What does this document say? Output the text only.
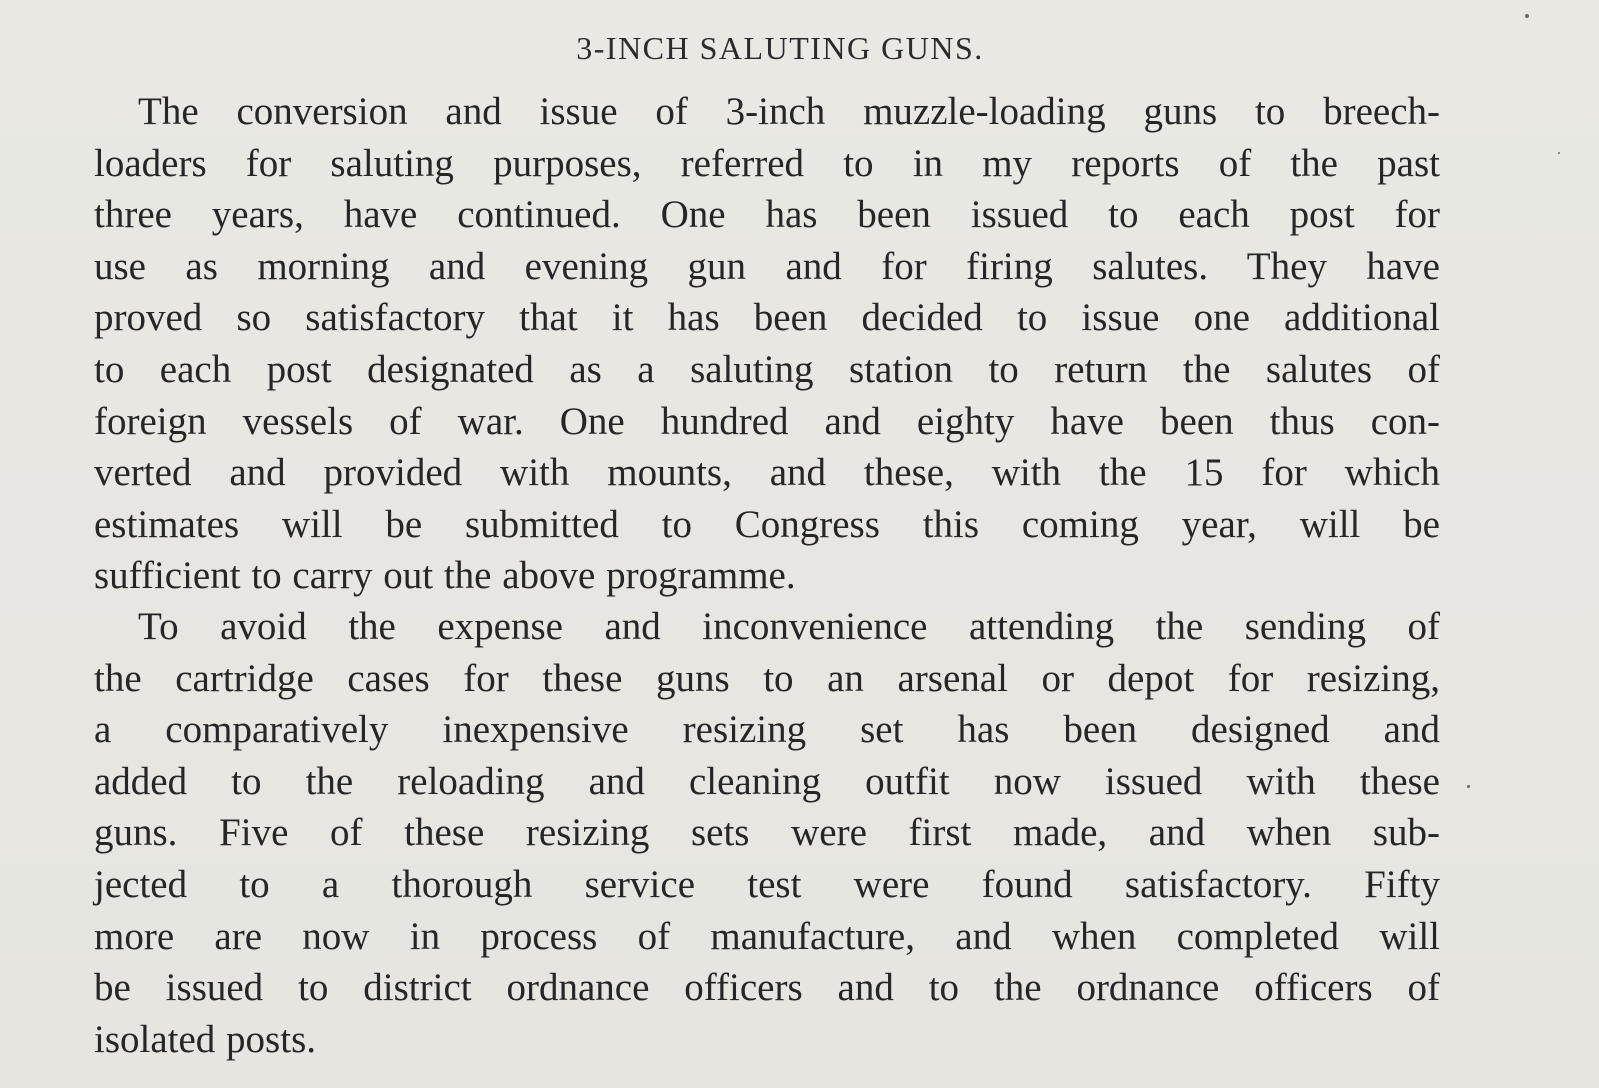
3-INCH SALUTING GUNS.
The conversion and issue of 3-inch muzzle-loading guns to breech-
loaders for saluting purposes, referred to in my reports of the past
three years, have continued. One has been issued to each post for
use as morning and evening gun and for firing salutes. They have
proved so satisfactory that it has been decided to issue one additional
to each post designated as a saluting station to return the salutes of
foreign vessels of war. One hundred and eighty have been thus con-
verted and provided with mounts, and these, with the 15 for which
estimates will be submitted to Congress this coming year, will be
sufficient to carry out the above programme.
To avoid the expense and inconvenience attending the sending of
the cartridge cases for these guns to an arsenal or depot for resizing,
a comparatively inexpensive resizing set has been designed and
added to the reloading and cleaning outfit now issued with these
guns. Five of these resizing sets were first made, and when sub-
jected to a thorough service test were found satisfactory. Fifty
more are now in process of manufacture, and when completed will
be issued to district ordnance officers and to the ordnance officers of
isolated posts.
